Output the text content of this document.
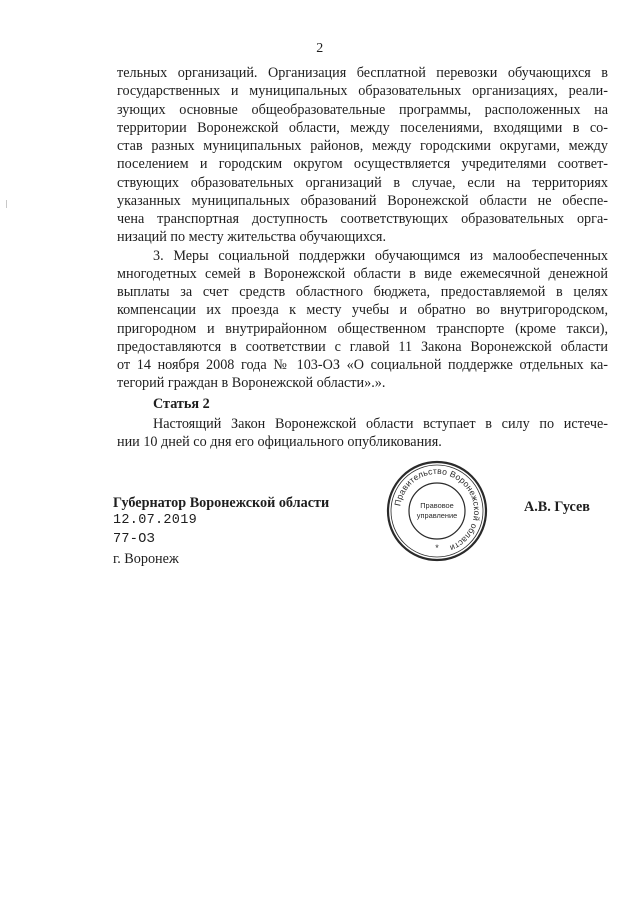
2

тельных организаций. Организация бесплатной перевозки обучающихся в
государственных и муниципальных образовательных организациях, реали-
зующих основные общеобразовательные программы, расположенных на
территории Воронежской области, между поселениями, входящими в со-
став разных муниципальных районов, между городскими округами, между
поселением и городским округом осуществляется учредителями соответ-
ствующих образовательных организаций в случае, если на территориях
указанных муниципальных образований Воронежской области не обеспе-
чена транспортная доступность соответствующих образовательных орга-
низаций по месту жительства обучающихся.

3. Меры социальной поддержки обучающимся из малообеспеченных
многодетных семей в Воронежской области в виде ежемесячной денежной
выплаты за счет средств областного бюджета, предоставляемой в целях
компенсации их проезда к месту учебы и обратно во внутригородском,
пригородном и внутрирайонном общественном транспорте (кроме такси),
предоставляются в соответствии с главой 11 Закона Воронежской области
от 14 ноября 2008 года № 103-ОЗ «О социальной поддержке отдельных ка-
тегорий граждан в Воронежской области».».

Статья 2

Настоящий Закон Воронежской области вступает в силу по истече-
нии 10 дней со дня его официального опубликования.

Губернатор Воронежской области
12.07.2019
77-ОЗ
г. Воронеж
А.В. Гусев
Правительство Воронежской области
Правовое
управление
*
